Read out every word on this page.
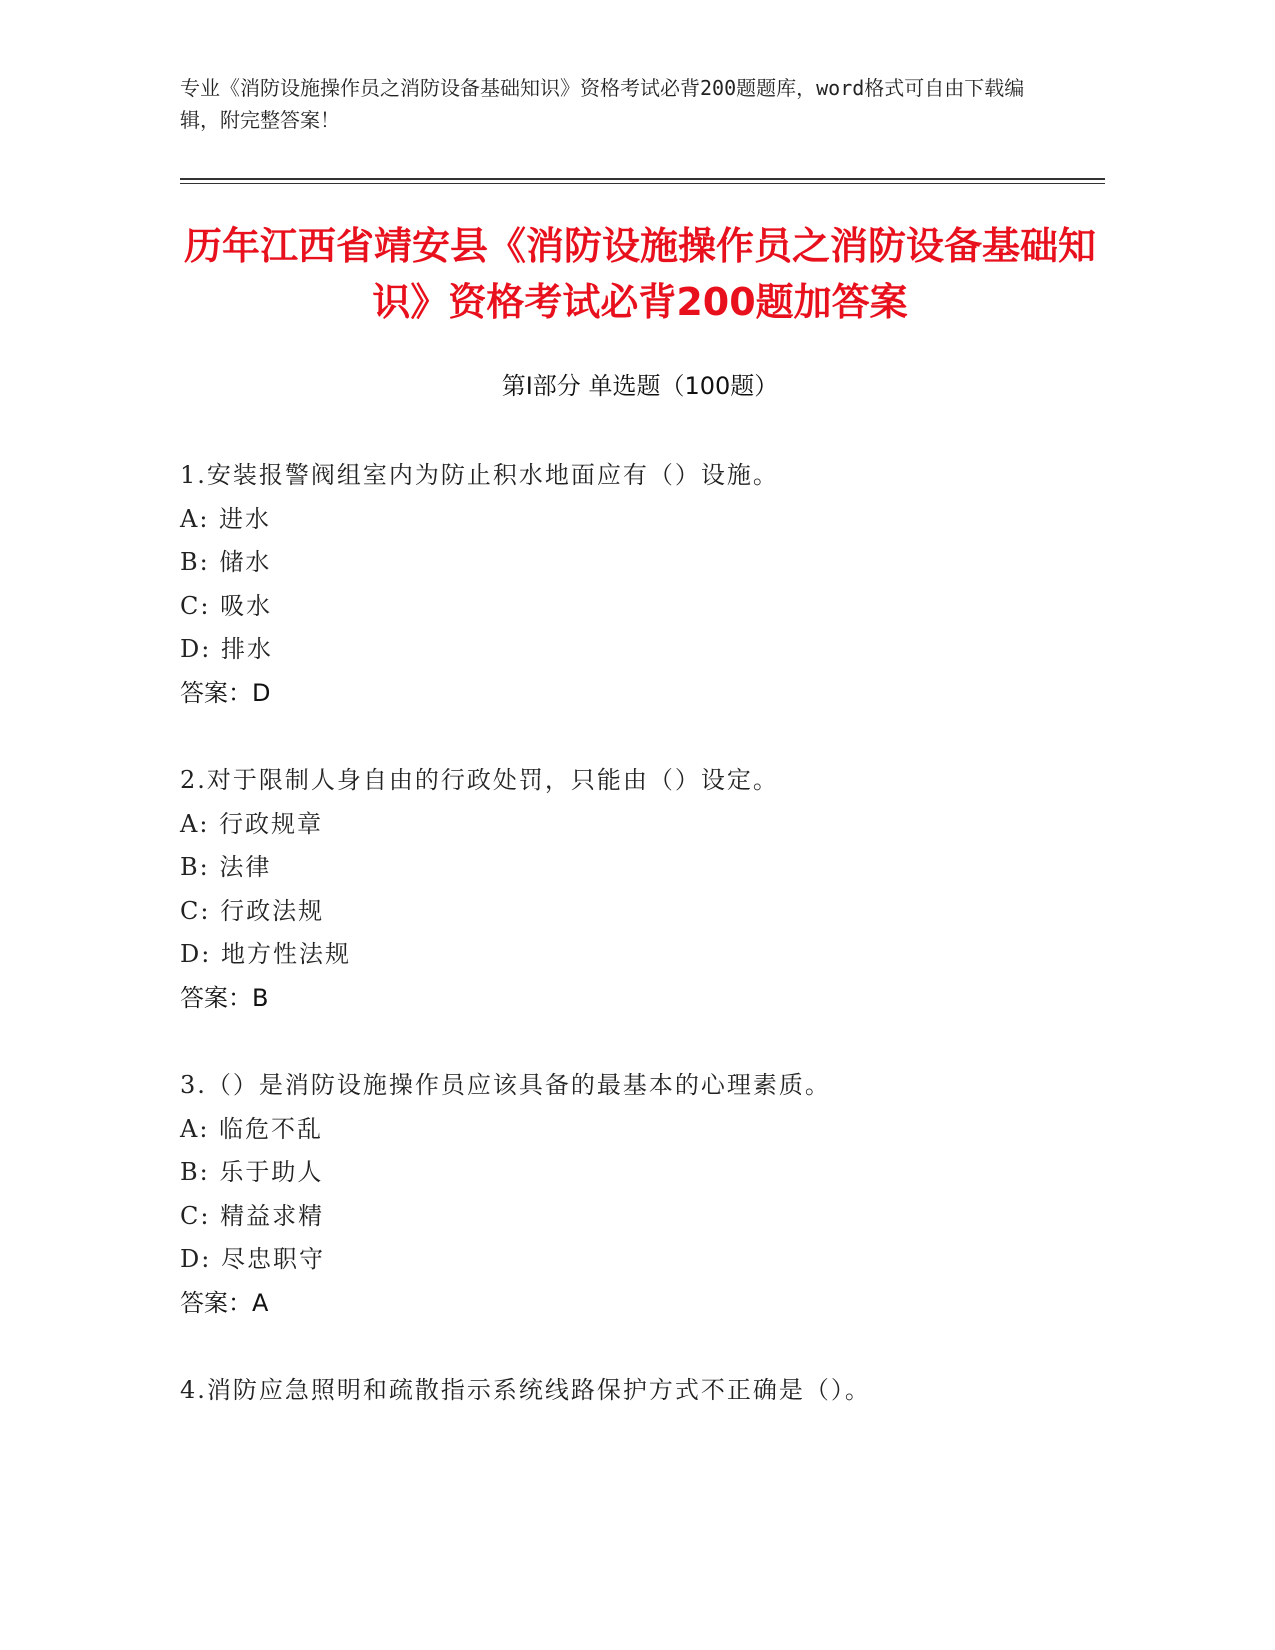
专业《消防设施操作员之消防设备基础知识》资格考试必背200题题库，word格式可自由下载编辑，附完整答案！
历年江西省靖安县《消防设施操作员之消防设备基础知识》资格考试必背200题加答案
第Ⅰ部分 单选题（100题）
1.安装报警阀组室内为防止积水地面应有（）设施。
A: 进水
B: 储水
C: 吸水
D: 排水
答案：D
2.对于限制人身自由的行政处罚，只能由（）设定。
A: 行政规章
B: 法律
C: 行政法规
D: 地方性法规
答案：B
3.（）是消防设施操作员应该具备的最基本的心理素质。
A: 临危不乱
B: 乐于助人
C: 精益求精
D: 尽忠职守
答案：A
4.消防应急照明和疏散指示系统线路保护方式不正确是（）。
